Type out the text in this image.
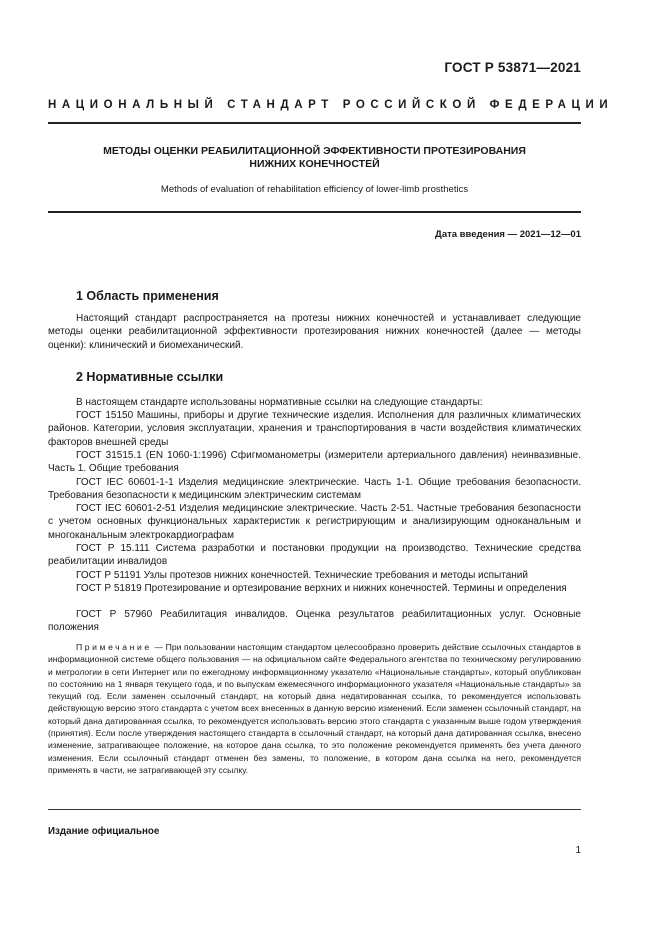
ГОСТ Р 53871—2021
НАЦИОНАЛЬНЫЙ СТАНДАРТ РОССИЙСКОЙ ФЕДЕРАЦИИ
МЕТОДЫ ОЦЕНКИ РЕАБИЛИТАЦИОННОЙ ЭФФЕКТИВНОСТИ ПРОТЕЗИРОВАНИЯ
НИЖНИХ КОНЕЧНОСТЕЙ
Methods of evaluation of rehabilitation efficiency of lower-limb prosthetics
Дата введения — 2021—12—01
1 Область применения

Настоящий стандарт распространяется на протезы нижних конечностей и устанавливает следующие методы оценки реабилитационной эффективности протезирования нижних конечностей (далее — методы оценки): клинический и биомеханический.

2 Нормативные ссылки

В настоящем стандарте использованы нормативные ссылки на следующие стандарты:

ГОСТ 15150 Машины, приборы и другие технические изделия. Исполнения для различных климатических районов. Категории, условия эксплуатации, хранения и транспортирования в части воздействия климатических факторов внешней среды

ГОСТ 31515.1 (EN 1060-1:1996) Сфигмоманометры (измерители артериального давления) неинвазивные. Часть 1. Общие требования

ГОСТ IEC 60601-1-1 Изделия медицинские электрические. Часть 1-1. Общие требования безопасности. Требования безопасности к медицинским электрическим системам

ГОСТ IEC 60601-2-51 Изделия медицинские электрические. Часть 2-51. Частные требования безопасности с учетом основных функциональных характеристик к регистрирующим и анализирующим одноканальным и многоканальным электрокардиографам

ГОСТ Р 15.111 Система разработки и постановки продукции на производство. Технические средства реабилитации инвалидов

ГОСТ Р 51191 Узлы протезов нижних конечностей. Технические требования и методы испытаний

ГОСТ Р 51819 Протезирование и ортезирование верхних и нижних конечностей. Термины и определения

ГОСТ Р 57960 Реабилитация инвалидов. Оценка результатов реабилитационных услуг. Основные положения

Примечание — При пользовании настоящим стандартом целесообразно проверить действие ссылочных стандартов в информационной системе общего пользования — на официальном сайте Федерального агентства по техническому регулированию и метрологии в сети Интернет или по ежегодному информационному указателю «Национальные стандарты», который опубликован по состоянию на 1 января текущего года, и по выпускам ежемесячного информационного указателя «Национальные стандарты» за текущий год. Если заменен ссылочный стандарт, на который дана недатированная ссылка, то рекомендуется использовать действующую версию этого стандарта с учетом всех внесенных в данную версию изменений. Если заменен ссылочный стандарт, на который дана датированная ссылка, то рекомендуется использовать версию этого стандарта с указанным выше годом утверждения (принятия). Если после утверждения настоящего стандарта в ссылочный стандарт, на который дана датированная ссылка, внесено изменение, затрагивающее положение, на которое дана ссылка, то это положение рекомендуется применять без учета данного изменения. Если ссылочный стандарт отменен без замены, то положение, в котором дана ссылка на него, рекомендуется применять в части, не затрагивающей эту ссылку.

Издание официальное
1
